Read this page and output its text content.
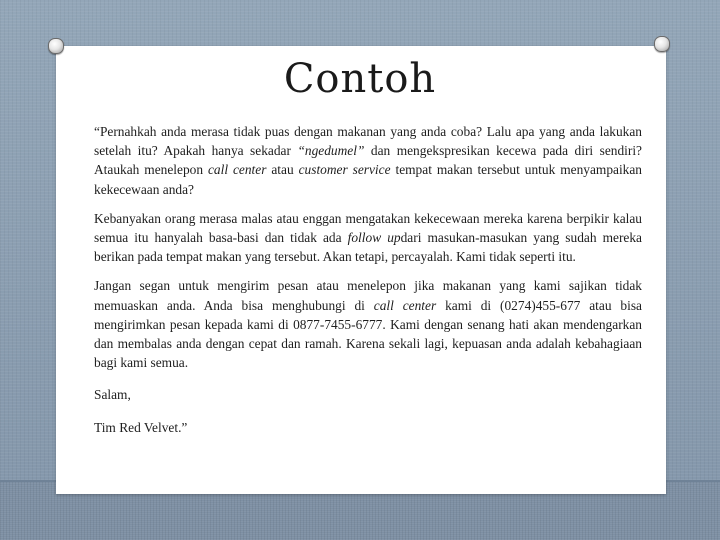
Contoh

“Pernahkah anda merasa tidak puas dengan makanan yang anda coba? Lalu apa yang anda lakukan setelah itu? Apakah hanya sekadar “ngedumel” dan mengekspresikan kecewa pada diri sendiri? Ataukah menelepon call center atau customer service tempat makan tersebut untuk menyampaikan kekecewaan anda?

Kebanyakan orang merasa malas atau enggan mengatakan kekecewaan mereka karena berpikir kalau semua itu hanyalah basa-basi dan tidak ada follow updari masukan-masukan yang sudah mereka berikan pada tempat makan yang tersebut. Akan tetapi, percayalah. Kami tidak seperti itu.

Jangan segan untuk mengirim pesan atau menelepon jika makanan yang kami sajikan tidak memuaskan anda. Anda bisa menghubungi di call center kami di (0274)455-677 atau bisa mengirimkan pesan kepada kami di 0877-7455-6777. Kami dengan senang hati akan mendengarkan dan membalas anda dengan cepat dan ramah. Karena sekali lagi, kepuasan anda adalah kebahagiaan bagi kami semua.

Salam,

Tim Red Velvet.”
